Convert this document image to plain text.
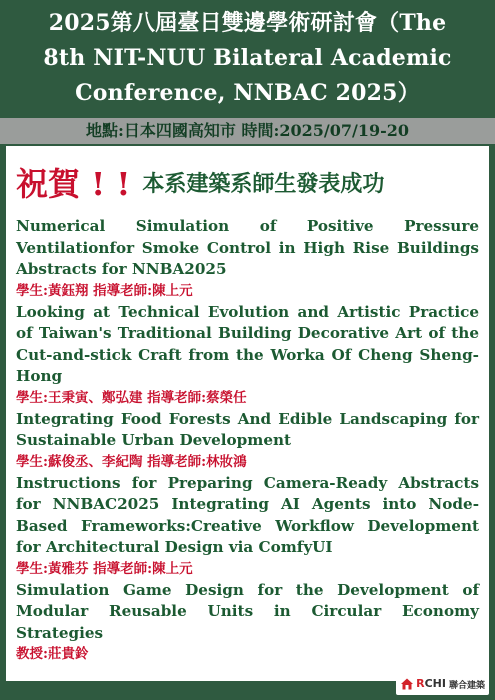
2025第八屆臺日雙邊學術研討會（The

8th NIT-NUU Bilateral Academic

Conference, NNBAC 2025）

地點:日本四國高知市 時間:2025/07/19-20
祝賀 ! ! 本系建築系師生發表成功

Numerical Simulation of Positive Pressure Ventilationfor Smoke Control in High Rise Buildings Abstracts for NNBA2025

學生:黃鈺翔 指導老師:陳上元

Looking at Technical Evolution and Artistic Practice of Taiwan's Traditional Building Decorative Art of the Cut-and-stick Craft from the Worka Of Cheng Sheng-Hong

學生:王秉寅、鄭弘建 指導老師:蔡榮任

Integrating Food Forests And Edible Landscaping for Sustainable Urban Development

學生:蘇俊丞、李紀陶 指導老師:林妝鴻

Instructions for Preparing Camera-Ready Abstracts for NNBAC2025 Integrating AI Agents into Node-Based Frameworks:Creative Workflow Development for Architectural Design via ComfyUI

學生:黃雅芬 指導老師:陳上元

Simulation Game Design for the Development of Modular Reusable Units in Circular Economy Strategies

教授:莊貴鈴

RCHI 聯合建築
